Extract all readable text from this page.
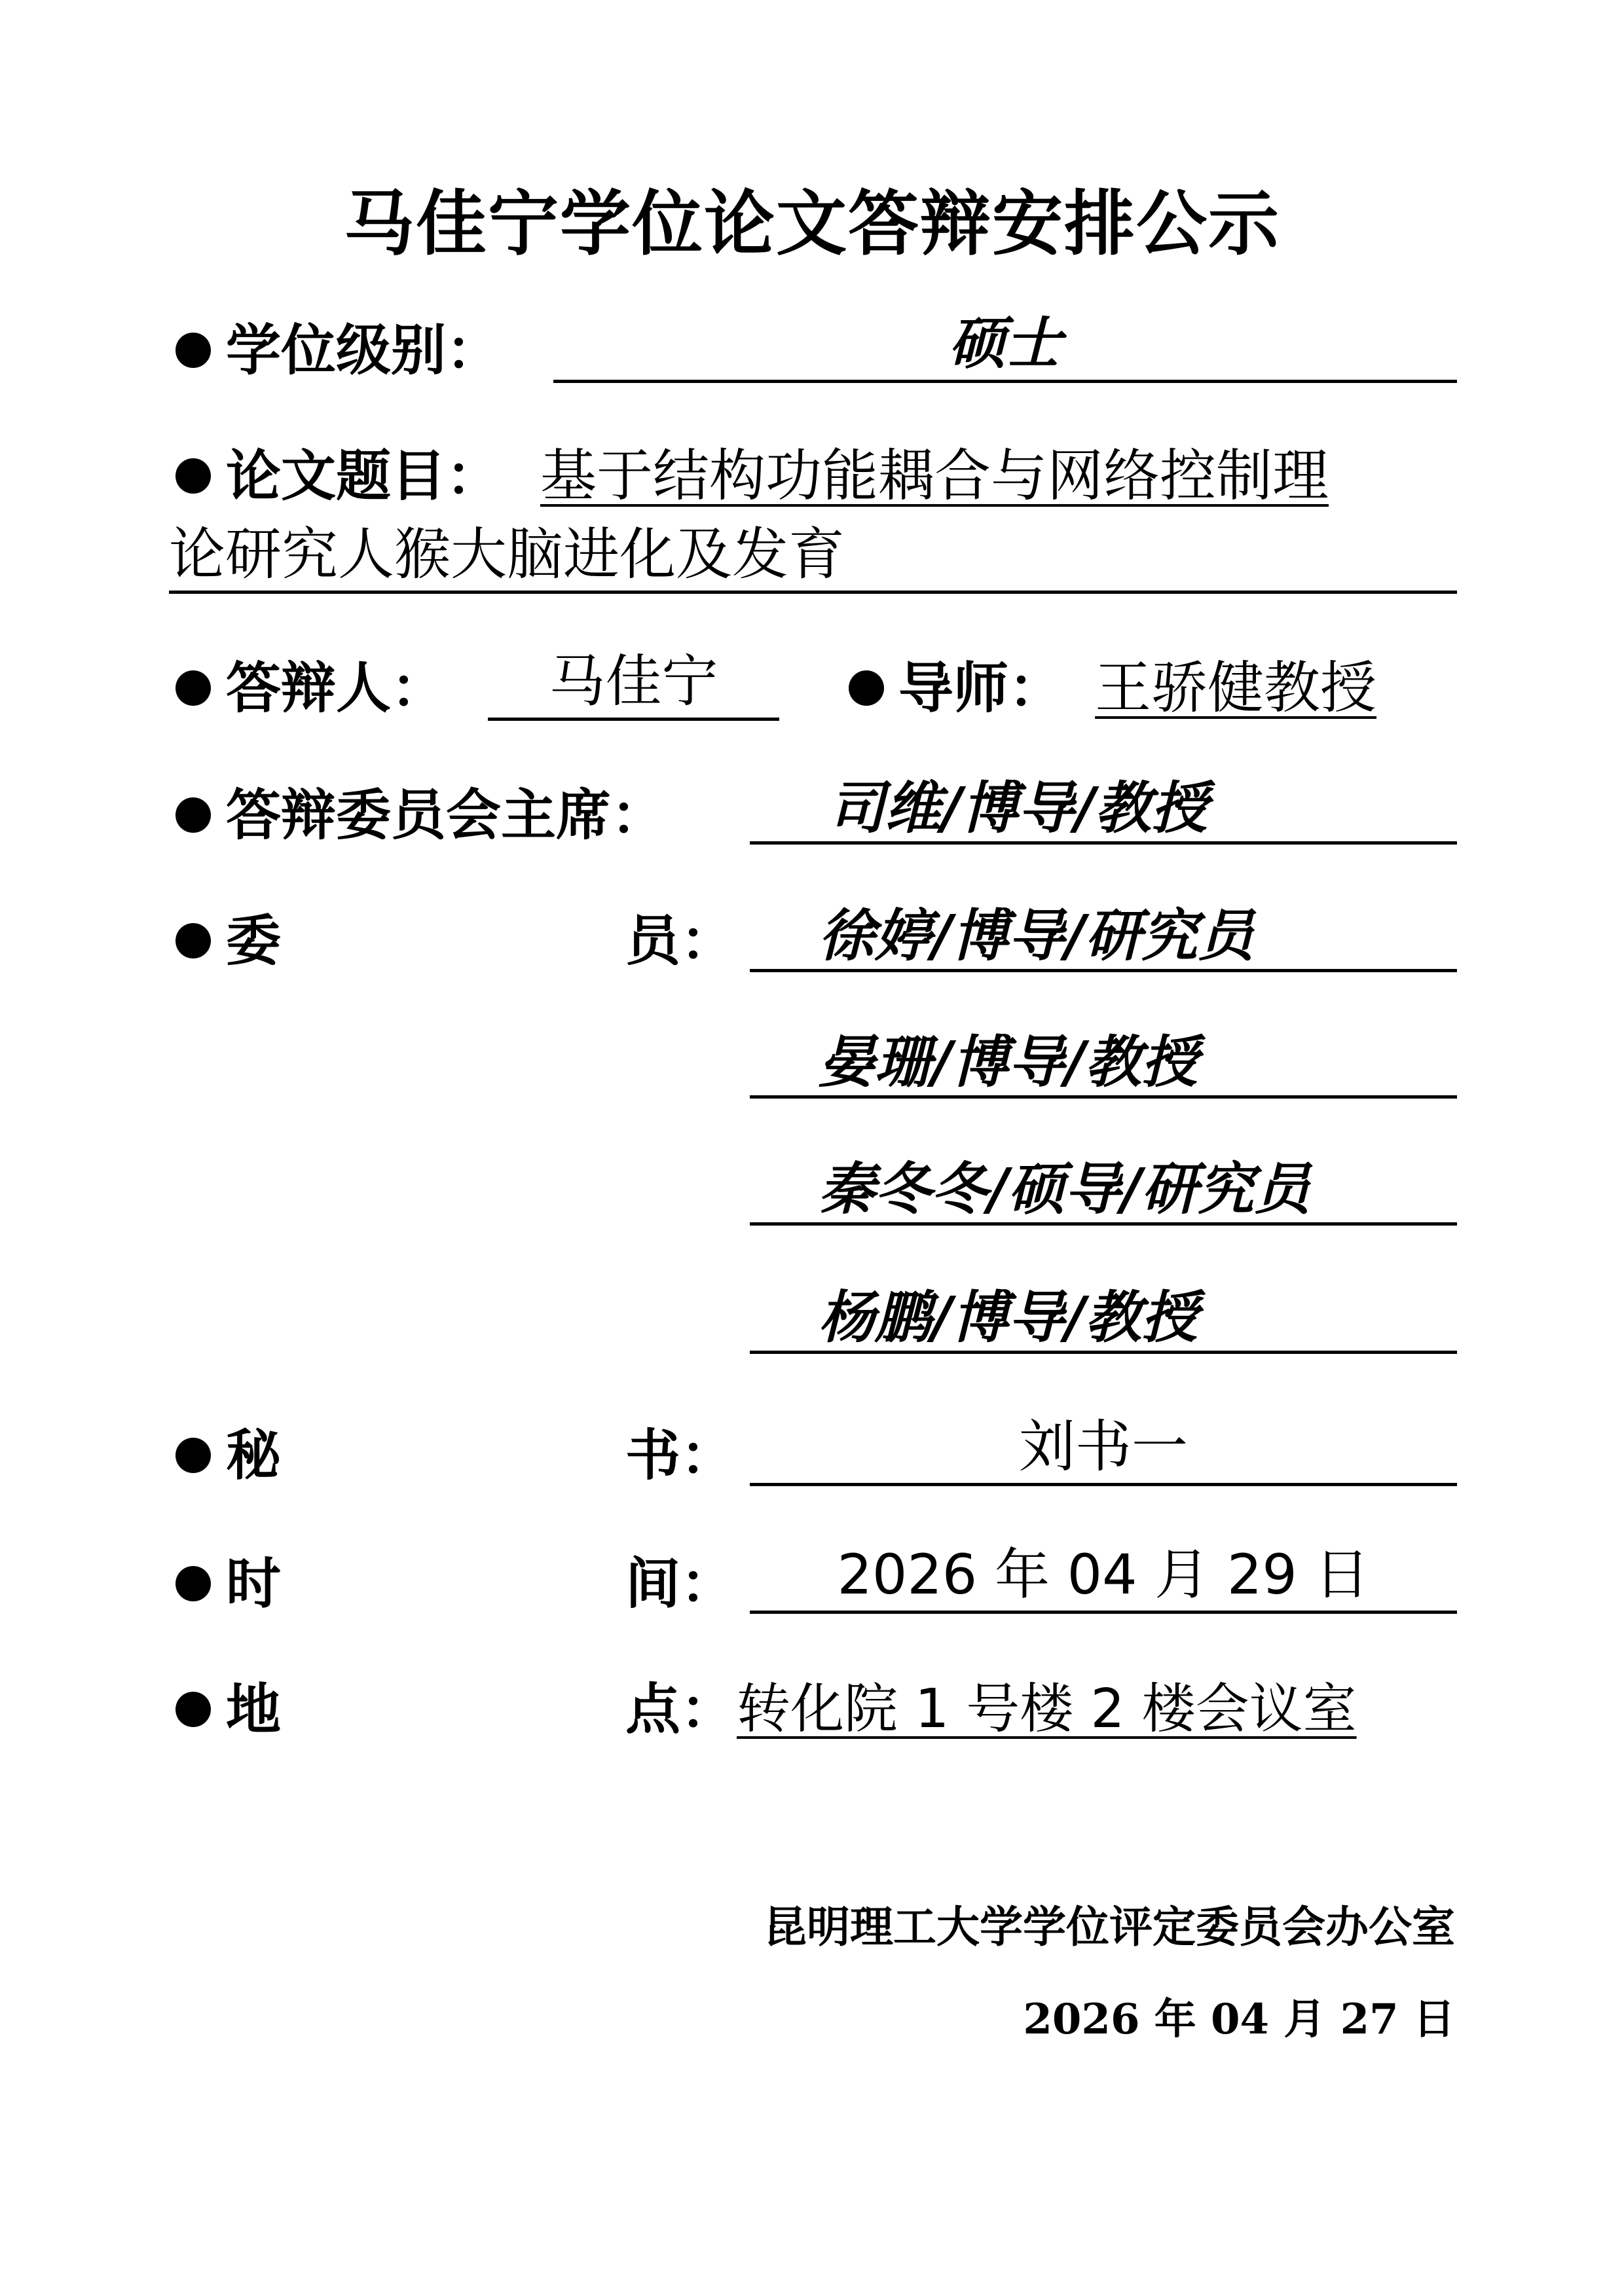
马佳宁学位论文答辩安排公示
学位级别：	硕士
论文题目： 基于结构功能耦合与网络控制理
论研究人猴大脑进化及发育
答辩人：	马佳宁	导师： 王骄健教授
答辩委员会主席：	司维/博导/教授
委	员：	徐婷/博导/研究员
晏珊/博导/教授
秦冬冬/硕导/研究员
杨鹏/博导/教授
秘	书：	刘书一
时	间：	2026 年 04 月 29 日
地	点： 转化院 1 号楼 2 楼会议室
昆明理工大学学位评定委员会办公室
2026 年 04 月 27 日
